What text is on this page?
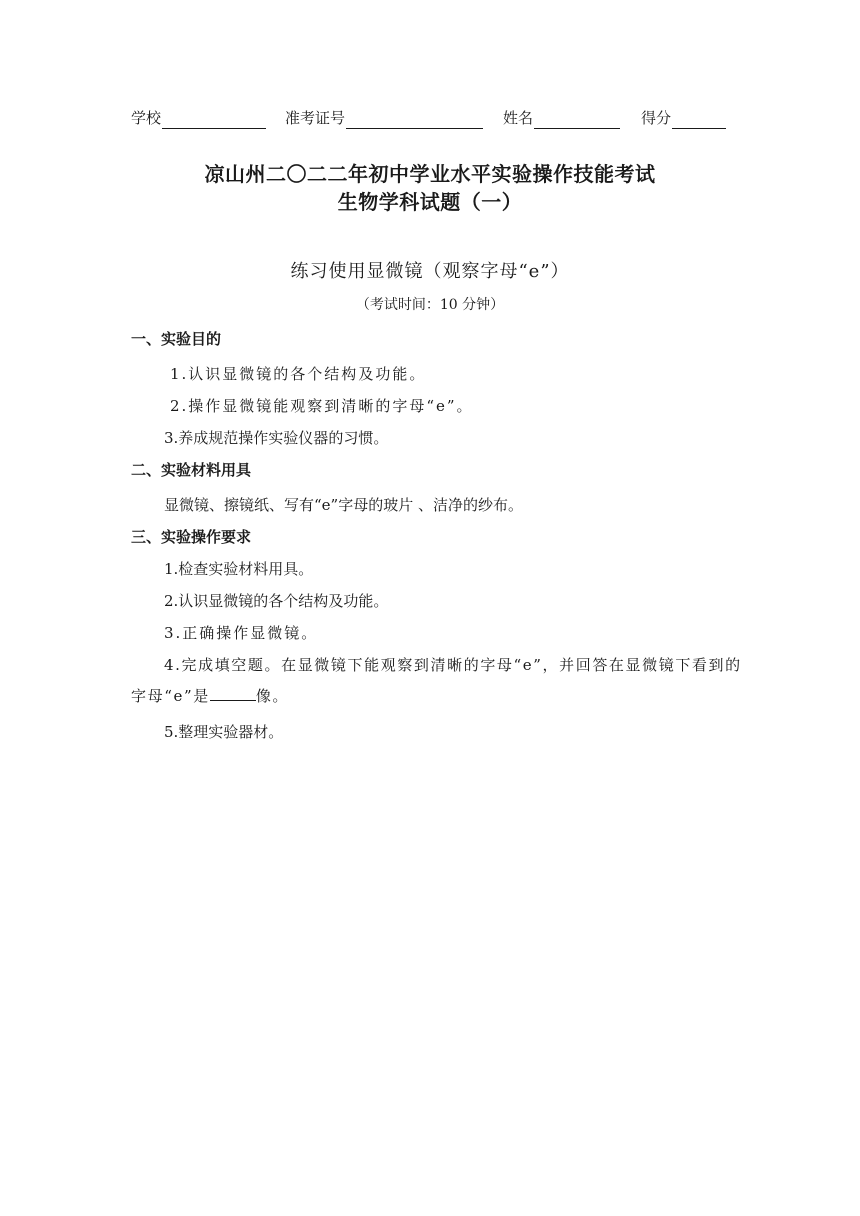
学校	准考证号	姓名	得分
凉山州二〇二二年初中学业水平实验操作技能考试
生物学科试题（一）
练习使用显微镜（观察字母“e”）
（考试时间：10 分钟）
一、实验目的
1.认识显微镜的各个结构及功能。
2.操作显微镜能观察到清晰的字母“e”。
3.养成规范操作实验仪器的习惯。
二、实验材料用具
显微镜、擦镜纸、写有“e”字母的玻片 、洁净的纱布。
三、实验操作要求
1.检查实验材料用具。
2.认识显微镜的各个结构及功能。
3.正确操作显微镜。
4.完成填空题。在显微镜下能观察到清晰的字母“e”，并回答在显微镜下看到的字母“e”是	像。
5.整理实验器材。
